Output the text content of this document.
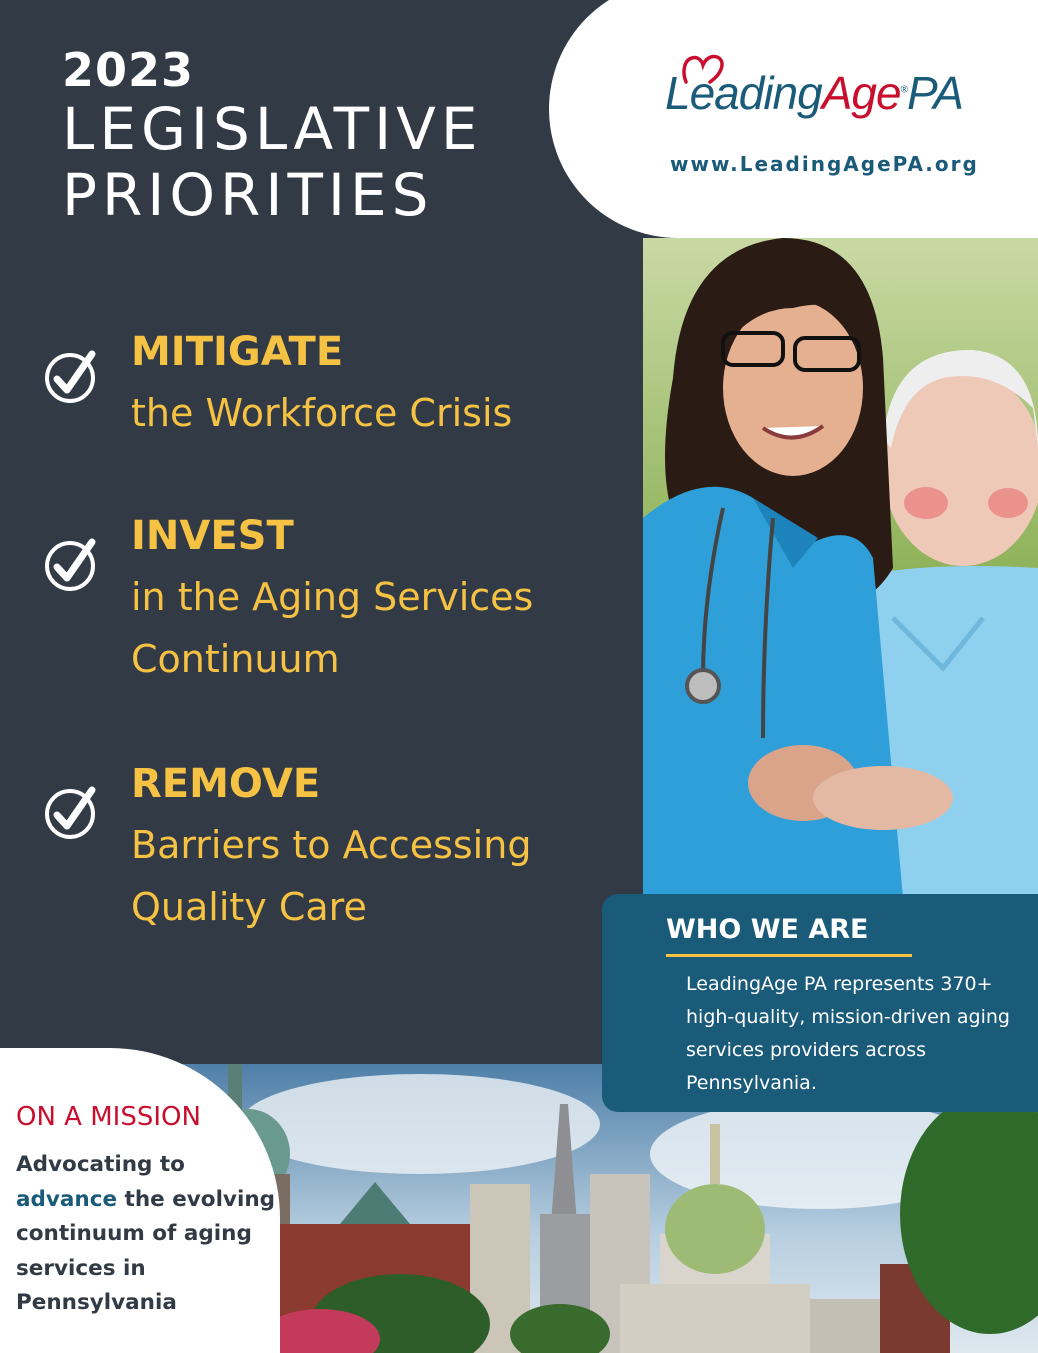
2023
LEGISLATIVE
PRIORITIES
LeadingAge®PA
www.LeadingAgePA.org
MITIGATE
the Workforce Crisis
INVEST
in the Aging Services
Continuum
REMOVE
Barriers to Accessing
Quality Care
WHO WE ARE
LeadingAge PA represents 370+ high-quality, mission-driven aging services providers across Pennsylvania.
ON A MISSION
Advocating to advance the evolving continuum of aging services in Pennsylvania
